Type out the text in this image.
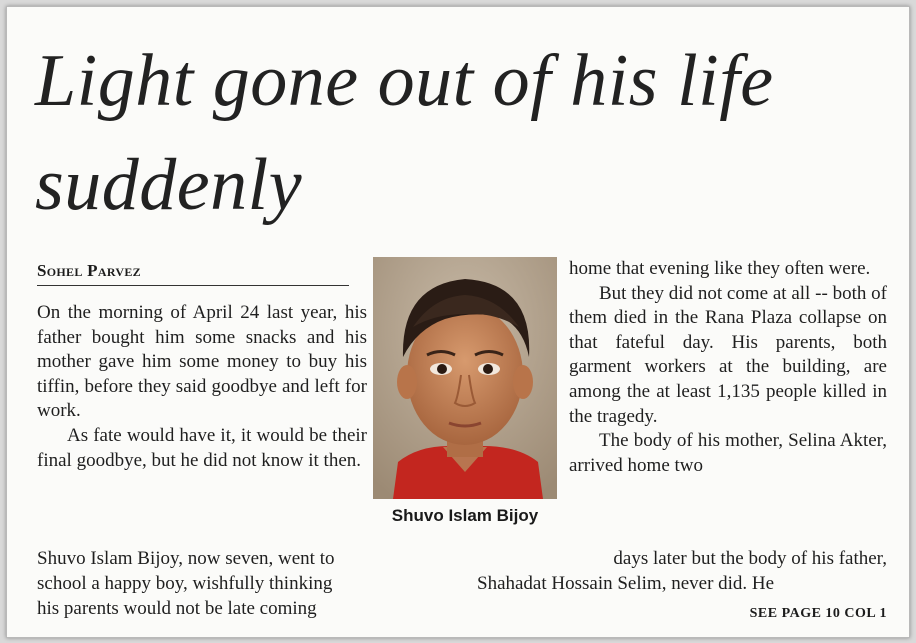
Light gone out of his life suddenly
Sohel Parvez

On the morning of April 24 last year, his father bought him some snacks and his mother gave him some money to buy his tiffin, before they said goodbye and left for work.

As fate would have it, it would be their final goodbye, but he did not know it then.

Shuvo Islam Bijoy

home that evening like they often were.

But they did not come at all -- both of them died in the Rana Plaza collapse on that fateful day. His parents, both garment workers at the building, are among the at least 1,135 people killed in the tragedy.

The body of his mother, Selina Akter, arrived home two

Shuvo Islam Bijoy, now seven, went to
school a happy boy, wishfully thinking
his parents would not be late coming
days later but the body of his father,
Shahadat Hossain Selim, never did. He
SEE PAGE 10 COL 1
